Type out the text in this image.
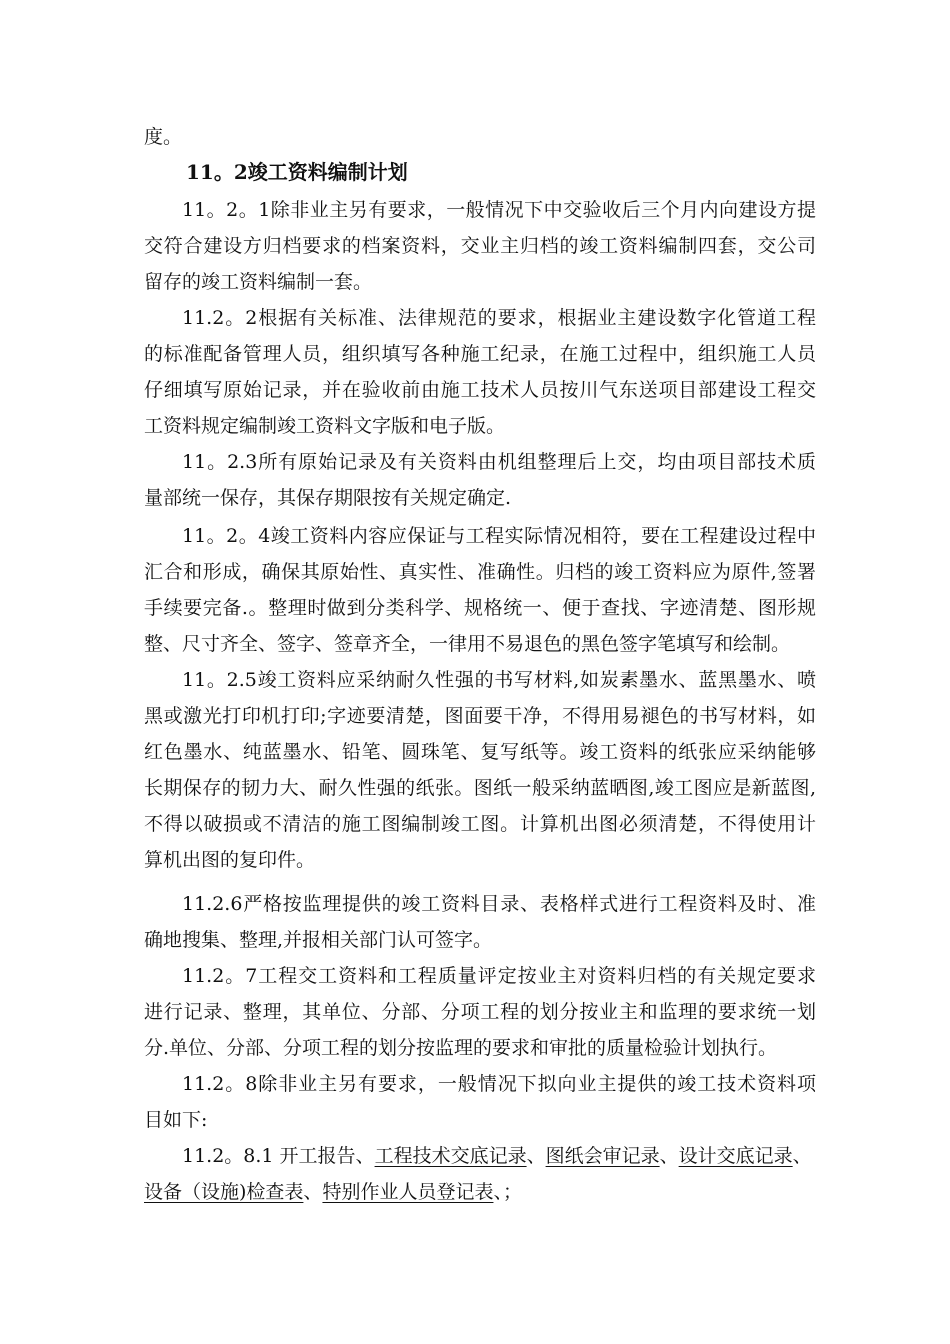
度。
11。2竣工资料编制计划
11。2。1除非业主另有要求，一般情况下中交验收后三个月内向建设方提
交符合建设方归档要求的档案资料，交业主归档的竣工资料编制四套，交公司
留存的竣工资料编制一套。
11.2。2根据有关标准、法律规范的要求，根据业主建设数字化管道工程
的标准配备管理人员，组织填写各种施工纪录，在施工过程中，组织施工人员
仔细填写原始记录，并在验收前由施工技术人员按川气东送项目部建设工程交
工资料规定编制竣工资料文字版和电子版。
11。2.3所有原始记录及有关资料由机组整理后上交，均由项目部技术质
量部统一保存，其保存期限按有关规定确定.
11。2。4竣工资料内容应保证与工程实际情况相符，要在工程建设过程中
汇合和形成，确保其原始性、真实性、准确性。归档的竣工资料应为原件,签署
手续要完备.。整理时做到分类科学、规格统一、便于查找、字迹清楚、图形规
整、尺寸齐全、签字、签章齐全，一律用不易退色的黑色签字笔填写和绘制。
11。2.5竣工资料应采纳耐久性强的书写材料,如炭素墨水、蓝黑墨水、喷
黑或激光打印机打印;字迹要清楚，图面要干净，不得用易褪色的书写材料，如
红色墨水、纯蓝墨水、铅笔、圆珠笔、复写纸等。竣工资料的纸张应采纳能够
长期保存的韧力大、耐久性强的纸张。图纸一般采纳蓝晒图,竣工图应是新蓝图,
不得以破损或不清洁的施工图编制竣工图。计算机出图必须清楚，不得使用计
算机出图的复印件。
11.2.6严格按监理提供的竣工资料目录、表格样式进行工程资料及时、准
确地搜集、整理,并报相关部门认可签字。
11.2。7工程交工资料和工程质量评定按业主对资料归档的有关规定要求
进行记录、整理，其单位、分部、分项工程的划分按业主和监理的要求统一划
分.单位、分部、分项工程的划分按监理的要求和审批的质量检验计划执行。
11.2。8除非业主另有要求，一般情况下拟向业主提供的竣工技术资料项
目如下:
11.2。8.1 开工报告、工程技术交底记录、图纸会审记录、设计交底记录、
设备（设施)检查表、特别作业人员登记表、；
